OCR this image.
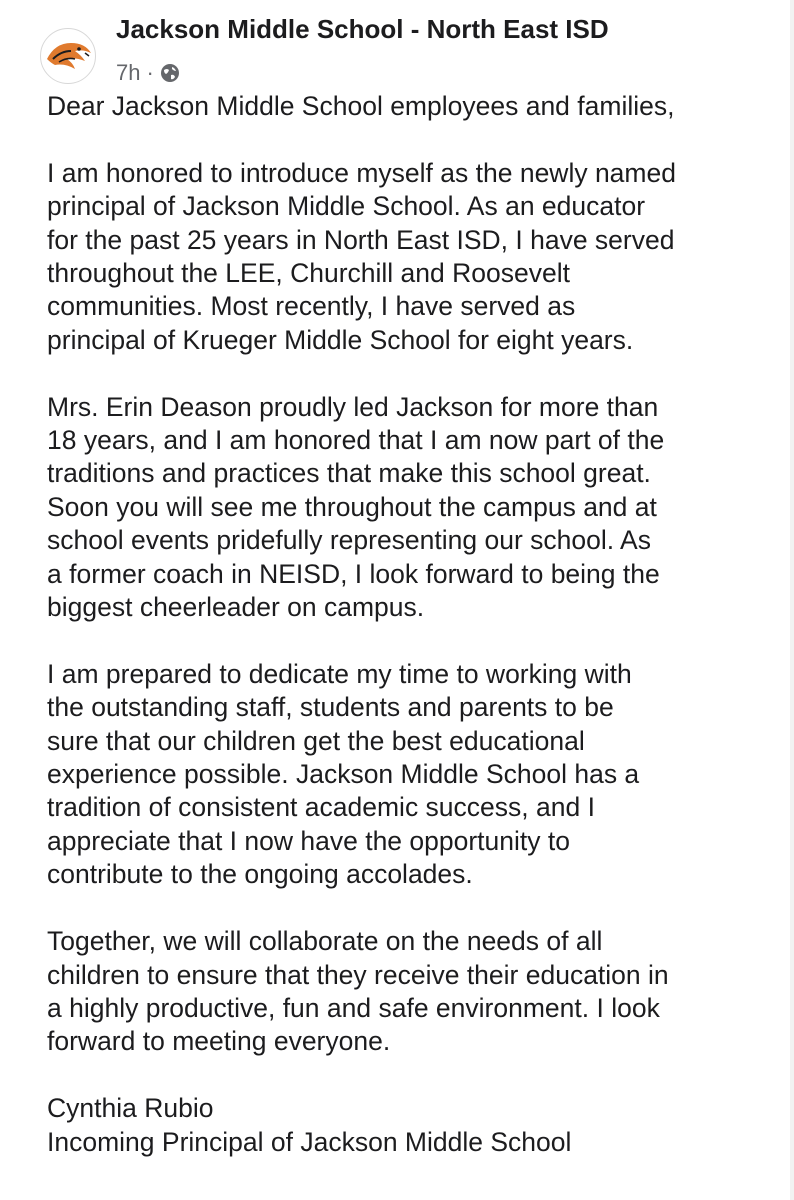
Jackson Middle School - North East ISD
7h ·

Dear Jackson Middle School employees and families,

I am honored to introduce myself as the newly named
principal of Jackson Middle School. As an educator
for the past 25 years in North East ISD, I have served
throughout the LEE, Churchill and Roosevelt
communities. Most recently, I have served as
principal of Krueger Middle School for eight years.

Mrs. Erin Deason proudly led Jackson for more than
18 years, and I am honored that I am now part of the
traditions and practices that make this school great.
Soon you will see me throughout the campus and at
school events pridefully representing our school. As
a former coach in NEISD, I look forward to being the
biggest cheerleader on campus.

I am prepared to dedicate my time to working with
the outstanding staff, students and parents to be
sure that our children get the best educational
experience possible. Jackson Middle School has a
tradition of consistent academic success, and I
appreciate that I now have the opportunity to
contribute to the ongoing accolades.

Together, we will collaborate on the needs of all
children to ensure that they receive their education in
a highly productive, fun and safe environment. I look
forward to meeting everyone.

Cynthia Rubio
Incoming Principal of Jackson Middle School
